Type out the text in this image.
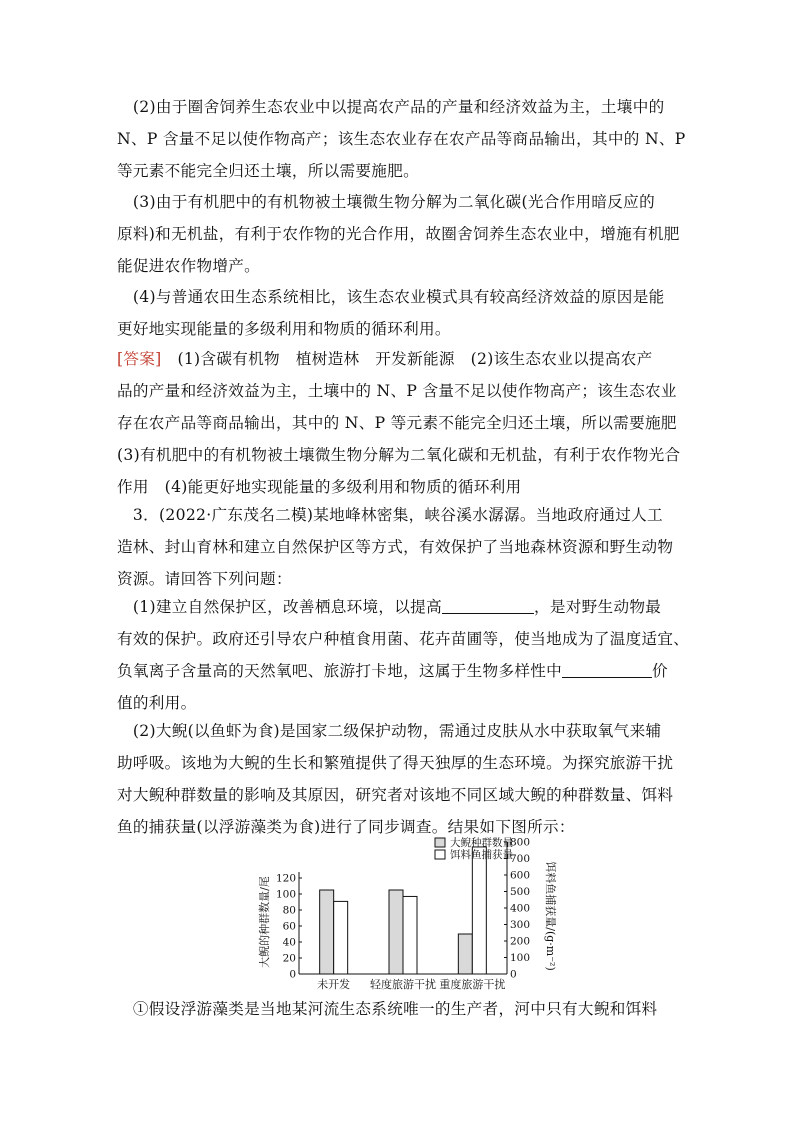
　(2)由于圈舍饲养生态农业中以提高农产品的产量和经济效益为主，土壤中的
N、P 含量不足以使作物高产；该生态农业存在农产品等商品输出，其中的 N、P
等元素不能完全归还土壤，所以需要施肥。
　(3)由于有机肥中的有机物被土壤微生物分解为二氧化碳(光合作用暗反应的
原料)和无机盐，有利于农作物的光合作用，故圈舍饲养生态农业中，增施有机肥
能促进农作物增产。
　(4)与普通农田生态系统相比，该生态农业模式具有较高经济效益的原因是能
更好地实现能量的多级利用和物质的循环利用。
[答案]　(1)含碳有机物　植树造林　开发新能源　(2)该生态农业以提高农产
品的产量和经济效益为主，土壤中的 N、P 含量不足以使作物高产；该生态农业
存在农产品等商品输出，其中的 N、P 等元素不能完全归还土壤，所以需要施肥
(3)有机肥中的有机物被土壤微生物分解为二氧化碳和无机盐，有利于农作物光合
作用　(4)能更好地实现能量的多级利用和物质的循环利用
　3．(2022·广东茂名二模)某地峰林密集，峡谷溪水潺潺。当地政府通过人工
造林、封山育林和建立自然保护区等方式，有效保护了当地森林资源和野生动物
资源。请回答下列问题：
　(1)建立自然保护区，改善栖息环境，以提高	，是对野生动物最
有效的保护。政府还引导农户种植食用菌、花卉苗圃等，使当地成为了温度适宜、
负氧离子含量高的天然氧吧、旅游打卡地，这属于生物多样性中	价
值的利用。
　(2)大鲵(以鱼虾为食)是国家二级保护动物，需通过皮肤从水中获取氧气来辅
助呼吸。该地为大鲵的生长和繁殖提供了得天独厚的生态环境。为探究旅游干扰
对大鲵种群数量的影响及其原因，研究者对该地不同区域大鲵的种群数量、饵料
鱼的捕获量(以浮游藻类为食)进行了同步调查。结果如下图所示：
0
20
40
60
80
100
120
0
100
200
300
400
500
600
700
800
大鲵的种群数量/尾	饵料鱼捕获量/(g·m⁻²)
未开发 轻度旅游干扰 重度旅游干扰
大鲵种群数量
饵料鱼捕获量
　①假设浮游藻类是当地某河流生态系统唯一的生产者，河中只有大鲵和饵料
